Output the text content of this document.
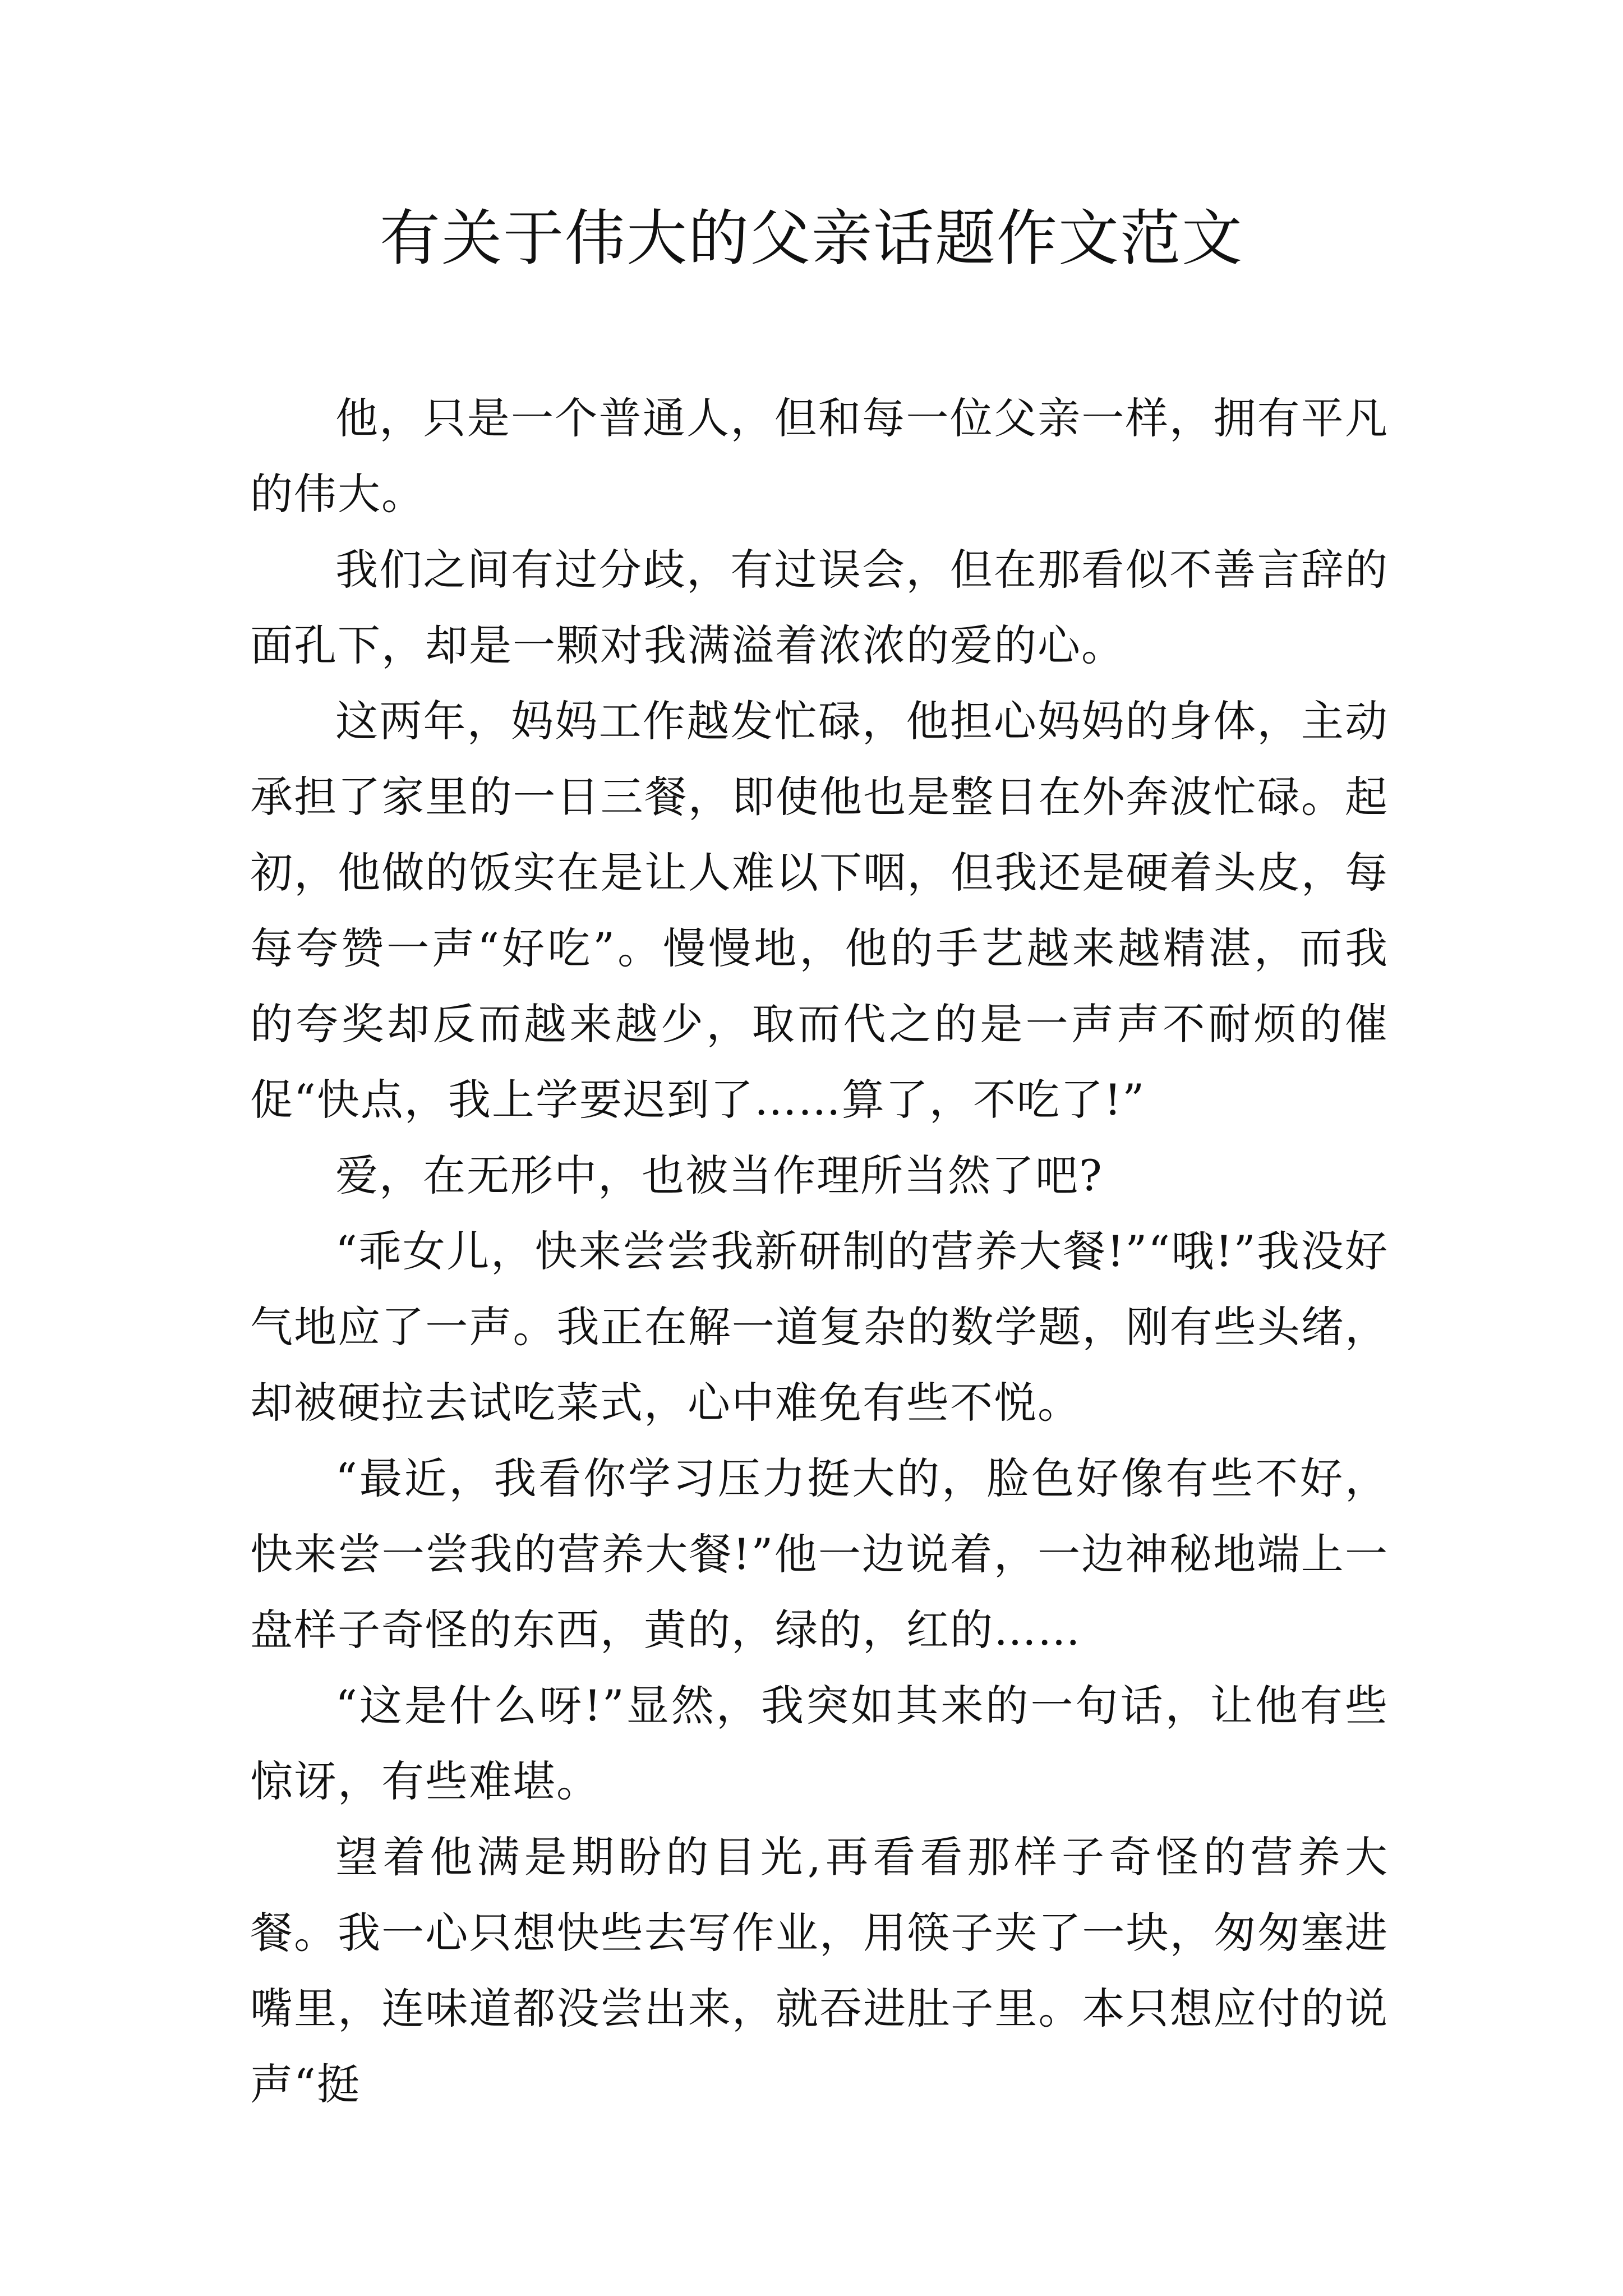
有关于伟大的父亲话题作文范文

他，只是一个普通人，但和每一位父亲一样，拥有平凡的伟大。

我们之间有过分歧，有过误会，但在那看似不善言辞的面孔下，却是一颗对我满溢着浓浓的爱的心。

这两年，妈妈工作越发忙碌，他担心妈妈的身体，主动承担了家里的一日三餐，即使他也是整日在外奔波忙碌。起初，他做的饭实在是让人难以下咽，但我还是硬着头皮，每每夸赞一声“好吃”。慢慢地，他的手艺越来越精湛，而我的夸奖却反而越来越少，取而代之的是一声声不耐烦的催促“快点，我上学要迟到了……算了，不吃了!”

爱，在无形中，也被当作理所当然了吧?

“乖女儿，快来尝尝我新研制的营养大餐!”“哦!”我没好气地应了一声。我正在解一道复杂的数学题，刚有些头绪，却被硬拉去试吃菜式，心中难免有些不悦。

“最近，我看你学习压力挺大的，脸色好像有些不好，快来尝一尝我的营养大餐!”他一边说着，一边神秘地端上一盘样子奇怪的东西，黄的，绿的，红的……

“这是什么呀!”显然，我突如其来的一句话，让他有些惊讶，有些难堪。

望着他满是期盼的目光,再看看那样子奇怪的营养大餐。我一心只想快些去写作业，用筷子夹了一块，匆匆塞进嘴里，连味道都没尝出来，就吞进肚子里。本只想应付的说声“挺
